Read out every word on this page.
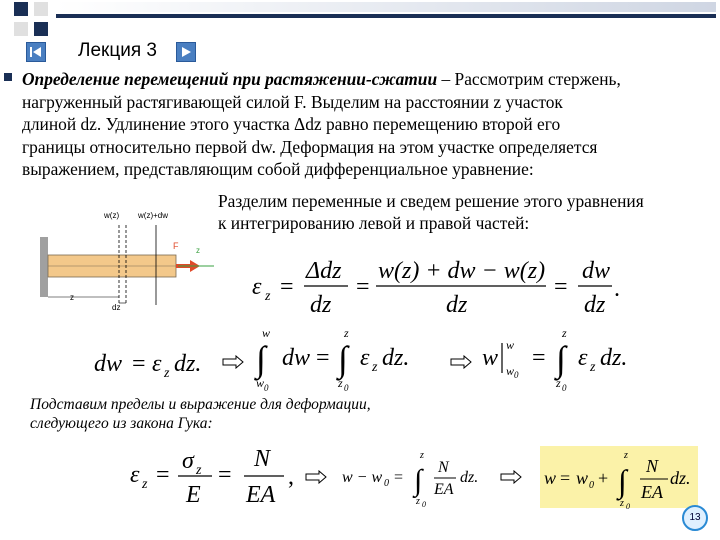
Лекция 3
Определение перемещений при растяжении-сжатии – Рассмотрим стержень,
нагруженный растягивающей силой F. Выделим на расстоянии z участок
длиной dz. Удлинение этого участка Δdz равно перемещению второй его
границы относительно первой dw. Деформация на этом участке определяется
выражением, представляющим собой дифференциальное уравнение:
Разделим переменные и сведем решение этого уравнения
к интегрированию левой и правой частей:
w(z) w(z)+dw
F z
z
dz
ε z =
Δdz
dz
=
w(z) + dw − w(z)
dz
=
dw
dz
.
dw = ε z dz.
w
∫
w 0
dw =
z
∫
z 0
ε z dz.	w w
w 0
=
z
∫
z 0
ε z dz.
Подставим пределы и выражение для деформации,
следующего из закона Гука:
ε z =
σ z
E
=
N
EA
,	w − w 0 =
z
∫
z 0
N
EA
dz.	w = w 0 +
z
∫
z 0
N
EA
dz.
13
